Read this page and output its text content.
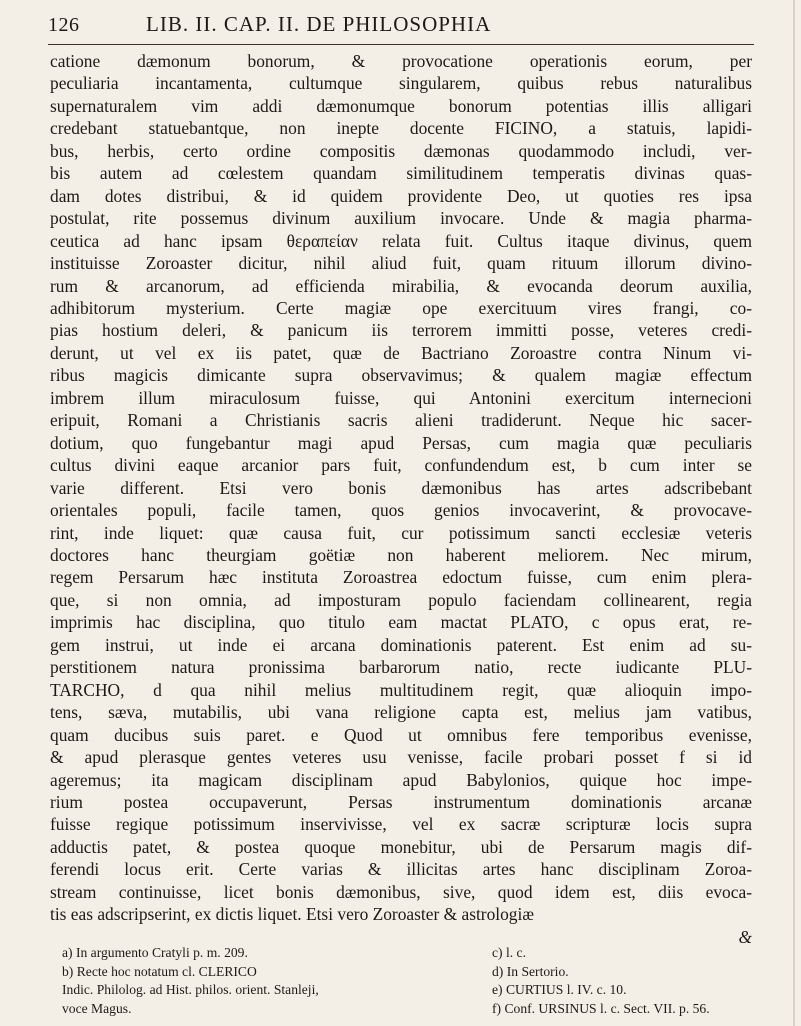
126	LIB. II. CAP. II. DE PHILOSOPHIA
catione dæmonum bonorum, & provocatione operationis eorum, per
peculiaria incantamenta, cultumque singularem, quibus rebus naturalibus
supernaturalem vim addi dæmonumque bonorum potentias illis alligari
credebant statuebantque, non inepte docente FICINO, a statuis, lapidi-
bus, herbis, certo ordine compositis dæmonas quodammodo includi, ver-
bis autem ad cœlestem quandam similitudinem temperatis divinas quas-
dam dotes distribui, & id quidem providente Deo, ut quoties res ipsa
postulat, rite possemus divinum auxilium invocare. Unde & magia pharma-
ceutica ad hanc ipsam θεραπείαν relata fuit. Cultus itaque divinus, quem
instituisse Zoroaster dicitur, nihil aliud fuit, quam rituum illorum divino-
rum & arcanorum, ad efficienda mirabilia, & evocanda deorum auxilia,
adhibitorum mysterium. Certe magiæ ope exercituum vires frangi, co-
pias hostium deleri, & panicum iis terrorem immitti posse, veteres credi-
derunt, ut vel ex iis patet, quæ de Bactriano Zoroastre contra Ninum vi-
ribus magicis dimicante supra observavimus; & qualem magiæ effectum
imbrem illum miraculosum fuisse, qui Antonini exercitum internecioni
eripuit, Romani a Christianis sacris alieni tradiderunt. Neque hic sacer-
dotium, quo fungebantur magi apud Persas, cum magia quæ peculiaris
cultus divini eaque arcanior pars fuit, confundendum est, b cum inter se
varie different. Etsi vero bonis dæmonibus has artes adscribebant
orientales populi, facile tamen, quos genios invocaverint, & provocave-
rint, inde liquet: quæ causa fuit, cur potissimum sancti ecclesiæ veteris
doctores hanc theurgiam goëtiæ non haberent meliorem. Nec mirum,
regem Persarum hæc instituta Zoroastrea edoctum fuisse, cum enim plera-
que, si non omnia, ad imposturam populo faciendam collinearent, regia
imprimis hac disciplina, quo titulo eam mactat PLATO, c opus erat, re-
gem instrui, ut inde ei arcana dominationis paterent. Est enim ad su-
perstitionem natura pronissima barbarorum natio, recte iudicante PLU-
TARCHO, d qua nihil melius multitudinem regit, quæ alioquin impo-
tens, sæva, mutabilis, ubi vana religione capta est, melius jam vatibus,
quam ducibus suis paret. e Quod ut omnibus fere temporibus evenisse,
& apud plerasque gentes veteres usu venisse, facile probari posset f si id
ageremus; ita magicam disciplinam apud Babylonios, quique hoc impe-
rium postea occupaverunt, Persas instrumentum dominationis arcanæ
fuisse regique potissimum inservivisse, vel ex sacræ scripturæ locis supra
adductis patet, & postea quoque monebitur, ubi de Persarum magis dif-
ferendi locus erit. Certe varias & illicitas artes hanc disciplinam Zoroa-
stream continuisse, licet bonis dæmonibus, sive, quod idem est, diis evoca-
tis eas adscripserint, ex dictis liquet. Etsi vero Zoroaster & astrologiæ
&
a) In argumento Cratyli p. m. 209.
b) Recte hoc notatum cl. CLERICO
Indic. Philolog. ad Hist. philos. orient. Stanleji,
voce Magus.
c) l. c.
d) In Sertorio.
e) CURTIUS l. IV. c. 10.
f) Conf. URSINUS l. c. Sect. VII. p. 56.
